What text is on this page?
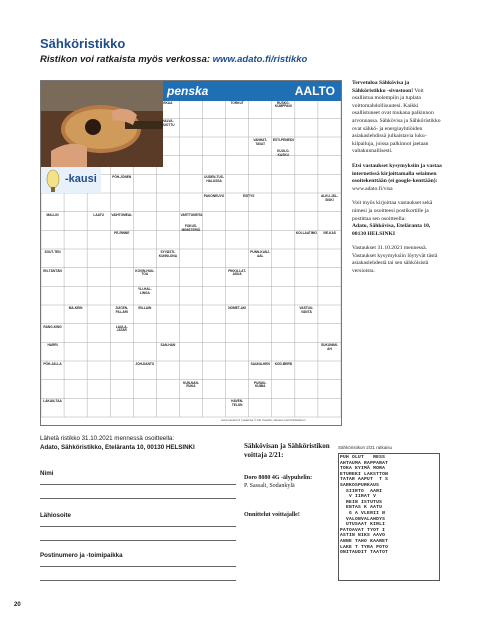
Sähköristikko
Ristikon voi ratkaista myös verkossa: www.adato.fi/ristikko
penska	AALTO
-kausi
TORKUT	RUSKO-KUMPPANI
EKAA
HALVA-HUOTTU
ESTI-PENEIDI
VANHAT-TAVAT
KUULO-KASKU
PÖH-JÖNEN	UUDEN-TUS-HALUSSA
PAKONEUVO	ESITYS	ALKU-JÄL-SISKI
MALLIN	LAATU	VAIHTOMEAL	VARTTUNEITA
FOKUS-MINISTERIÖ
KOI-LAATIMO	VIE-KAS
PE-RINNE
SYVÄSTI-KUNNI-ONA
PUNN-KANJ-AAL
SOUT-TEN
EN-TÄNTÄN	KOVIN-HUU-TOA
PIKKU-LAT-ASUA
YLI-HAL-LINGA
MA-KEIN	JUICEN-FILLARI
EN-LAIN	NOMET-AKI	VASTUU-VÄNTÄ
RANG-KING	LAULA-JATAR
HARRI	SUKUNIMI-AH
SAN-HAN
SAUNA-HEN	KOD-BERB
PÖH-JALLA	JOH-DANTO
KUN-NAN-RUKA
PUNUU-KUMIA
LAKAN-TAA	HAVEN-TELUN
www.sanaris.fi | laadinta © Aki Vuokila, ulkoasu Heli Kärkkäinen

Tervetuloa Sähkövisa ja Sähköristikko -sivustoon! Voit osallistua molempiin ja tuplata voittomahdollisuutesi. Kaikki osallistuneet ovat mukana palkinnon arvonnassa. Sähkövisa ja Sähköristikko ovat sähkö- ja energiayhtiöiden asiakaslehdissä julkaistavia lukukilpailuja, joissa palkinnot jaetaan valtakunnallisesti.

Etsi vastaukset kysymyksiin ja vastaa internetissä kirjoittamalla selaimen osoitekenttään (ei google-kenttään):
www.adato.fi/visa

Voit myös kirjoittaa vastaukset sekä nimesi ja osoitteesi postikortille ja postittaa sen osoitteella:
Adato, Sähkövisa, Eteläranta 10, 00130 HELSINKI

Vastaukset 31.10.2021 mennessä.
Vastaukset kysymyksiin löytyvät tästä asiakaslehdestä tai sen sähköisistä versioista.

Lähetä ristikko 31.10.2021 mennessä osoitteella:
Adato, Sähköristikko, Eteläranta 10, 00130 HELSINKI
Nimi
Lähiosoite
Postinumero ja -toimipaikka
Sähkövisan ja Sähköristikon voittaja 2/21:
Doro 8080 4G -älypuhelin:
P. Sassali, Sodankylä
Onnittelut voittajalle!
Sähköristikon 2/21 ratkaisu
PUH OLUT   RESS
AHTAUMA RAPPARAT
TOKA KYIMÄ MORA
ETUREKI LAKSTTON
TATAR AAPUT  T S
SARKOSPURKAUS
SIIRTO  AARI
V IIRAT V
REIN ISTUTUS
ENTAS K AATU
G A VLERII N
VALONVALAHDYS
UTUSAAT KIRLI
PATOAVAT TYOT I
ASTIN NIKS AAVO
ANNE TAHO KAARET
LAKE T TYRA POTO
ONITAUDIT TAATOT
20
